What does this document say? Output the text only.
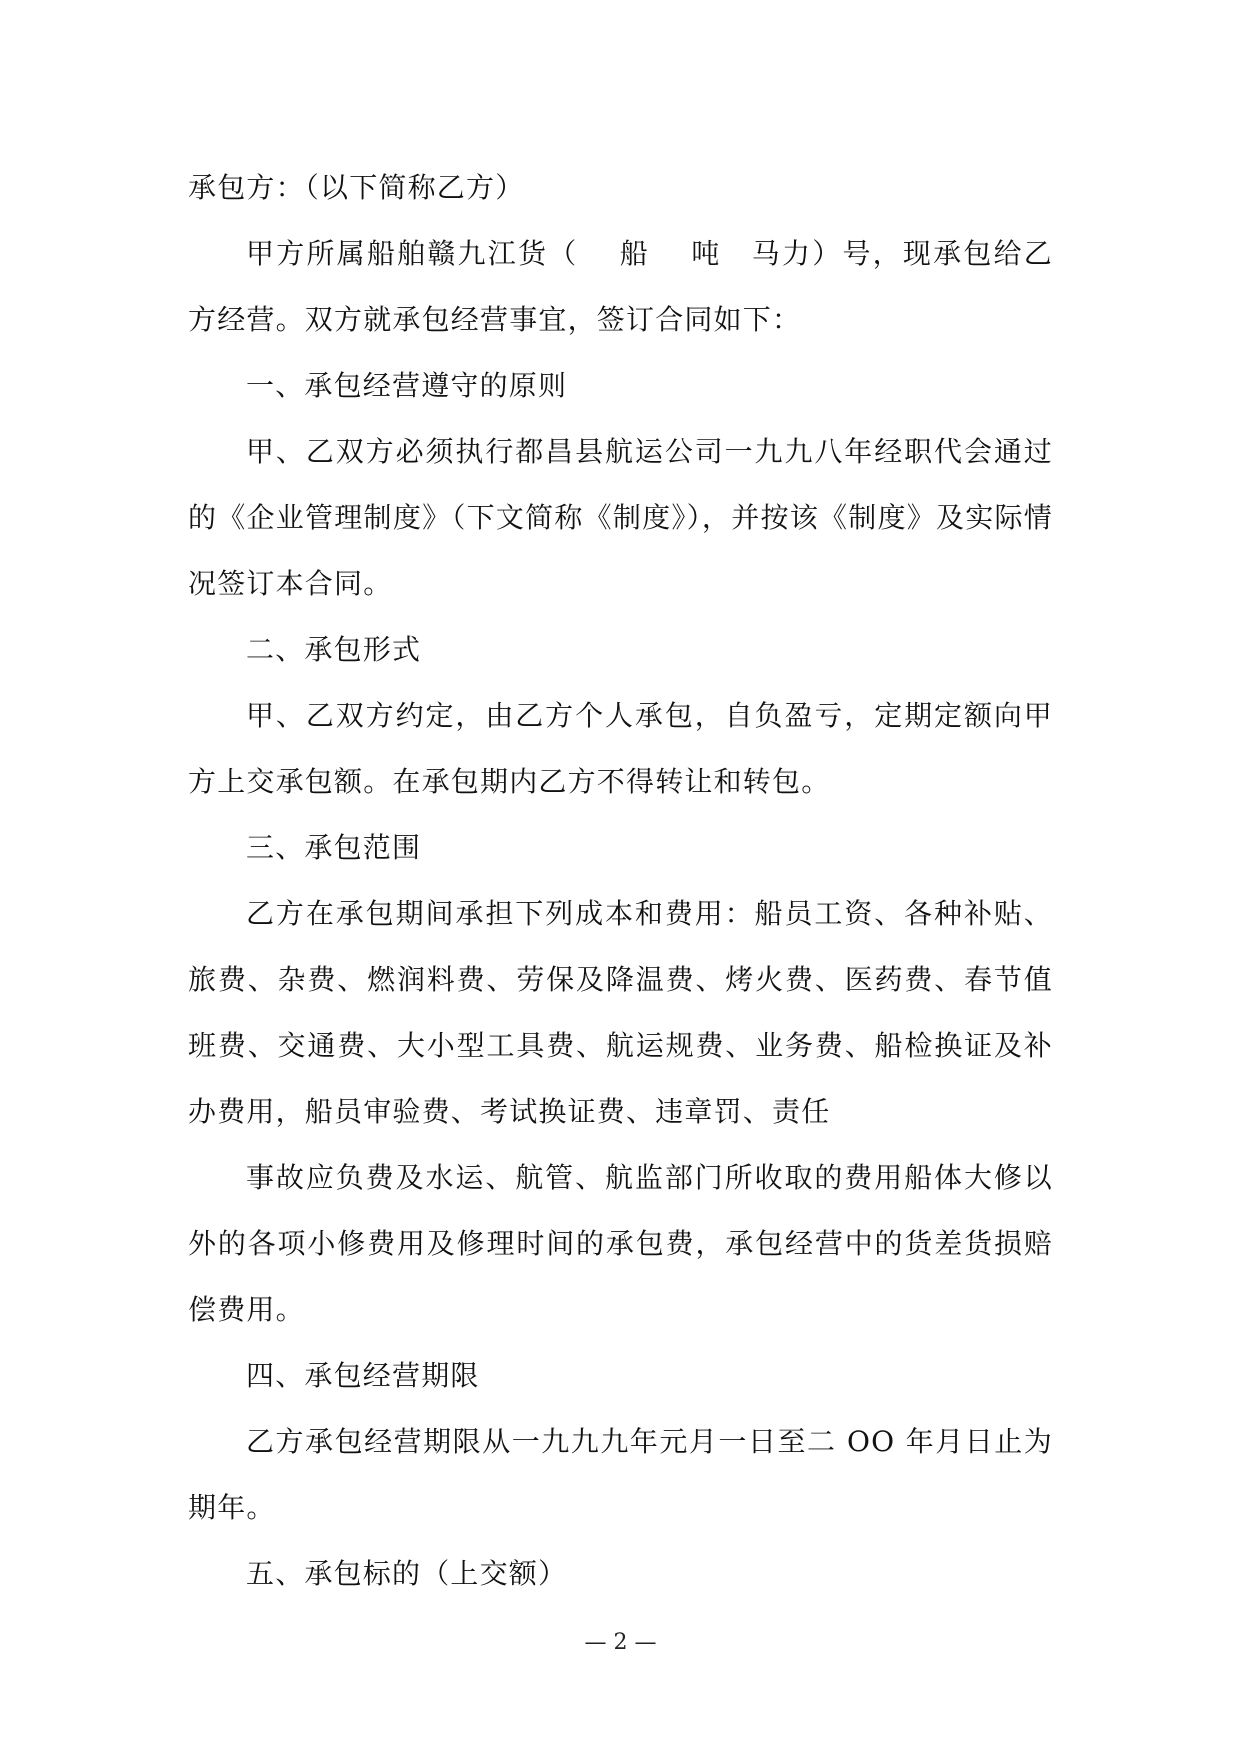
承包方：（以下简称乙方）

甲方所属船舶赣九江货（　 船　 吨　马力）号，现承包给乙方经营。双方就承包经营事宜，签订合同如下：

一、承包经营遵守的原则

甲、乙双方必须执行都昌县航运公司一九九八年经职代会通过的《企业管理制度》（下文简称《制度》），并按该《制度》及实际情况签订本合同。

二、承包形式

甲、乙双方约定，由乙方个人承包，自负盈亏，定期定额向甲方上交承包额。在承包期内乙方不得转让和转包。

三、承包范围

乙方在承包期间承担下列成本和费用：船员工资、各种补贴、旅费、杂费、燃润料费、劳保及降温费、烤火费、医药费、春节值班费、交通费、大小型工具费、航运规费、业务费、船检换证及补办费用，船员审验费、考试换证费、违章罚、责任

事故应负费及水运、航管、航监部门所收取的费用船体大修以外的各项小修费用及修理时间的承包费，承包经营中的货差货损赔偿费用。

四、承包经营期限

乙方承包经营期限从一九九九年元月一日至二 OO 年月日止为期年。

五、承包标的（上交额）

— 2 —
